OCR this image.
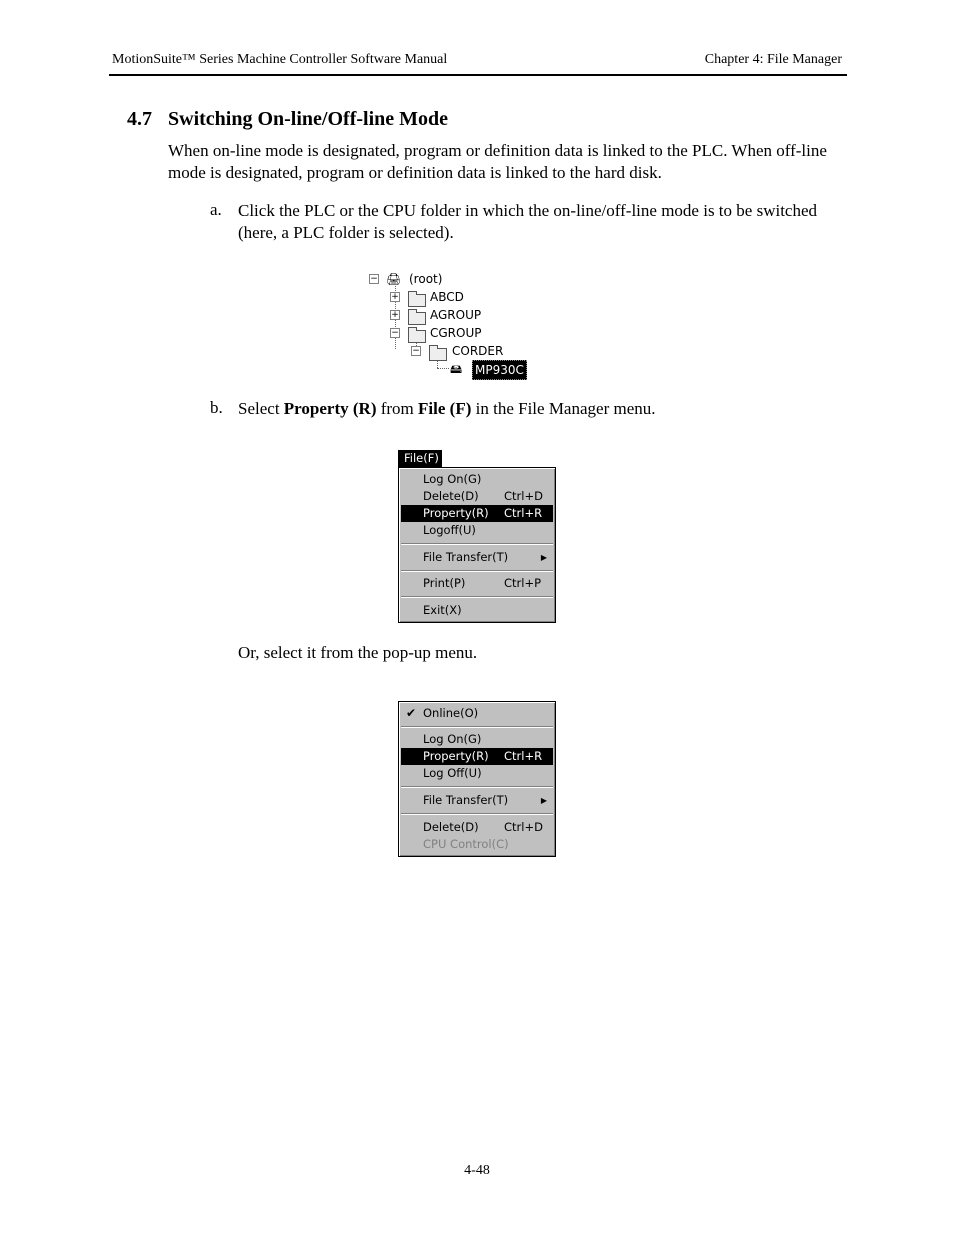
MotionSuite™ Series Machine Controller Software Manual	Chapter 4: File Manager
4.7 Switching On-line/Off-line Mode
When on-line mode is designated, program or definition data is linked to the PLC. When off-line mode is designated, program or definition data is linked to the hard disk.
a. Click the PLC or the CPU folder in which the on-line/off-line mode is to be switched (here, a PLC folder is selected).
− 🖨 (root)
+	ABCD
+	AGROUP
−	CGROUP
−	CORDER
🖴 MP930C
b. Select Property (R) from File (F) in the File Manager menu.
File(F)
Log On(G)
Delete(D) Ctrl+D
Property(R) Ctrl+R
Logoff(U)
File Transfer(T)	▶
Print(P)	Ctrl+P
Exit(X)
Or, select it from the pop-up menu.
✔ Online(O)
Log On(G)
Property(R) Ctrl+R
Log Off(U)
File Transfer(T)	▶
Delete(D) Ctrl+D
CPU Control(C)
4-48
